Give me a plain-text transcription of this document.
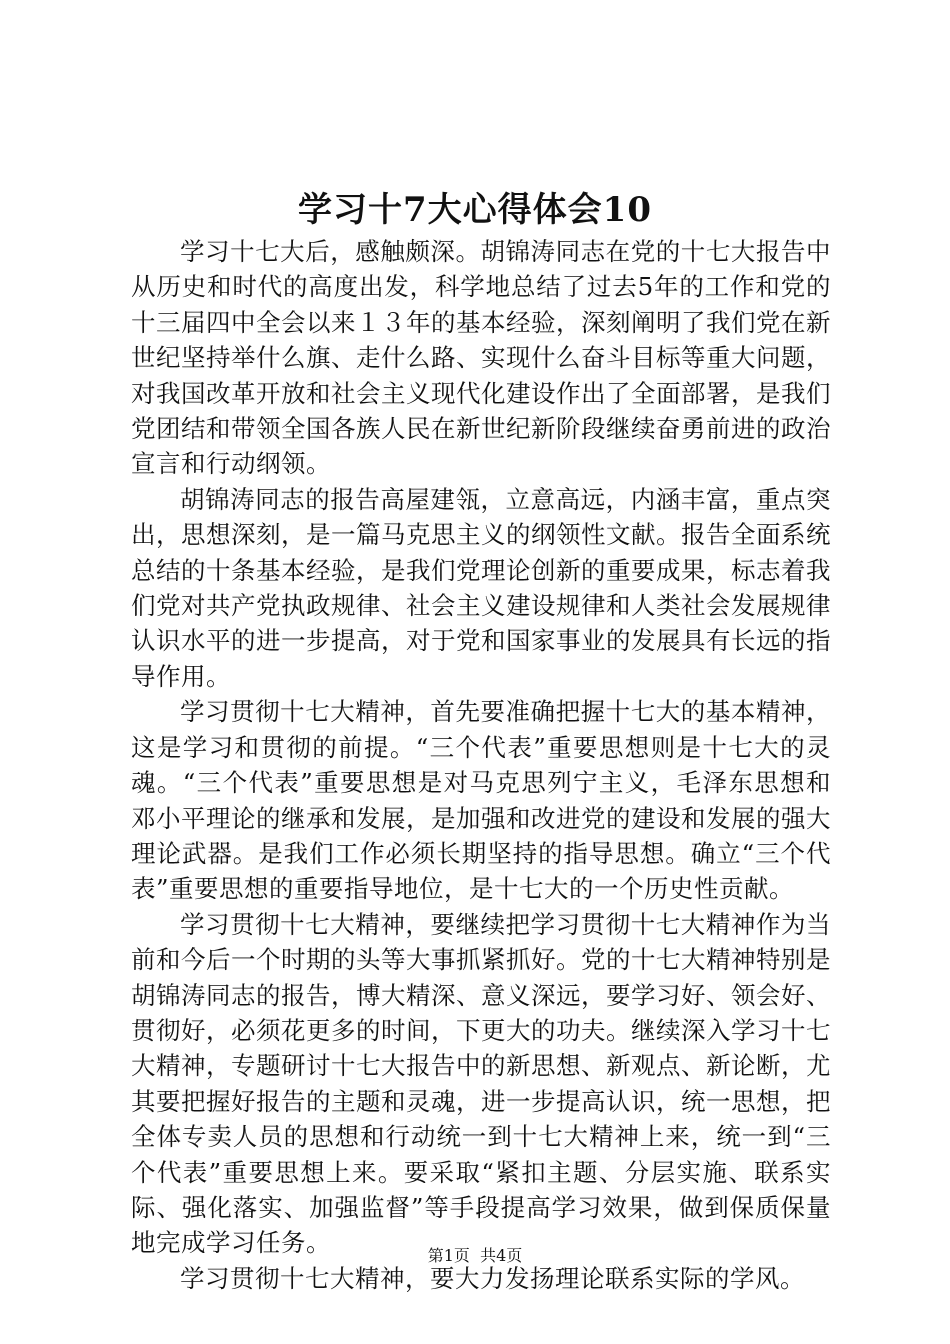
学习十7大心得体会10

学习十七大后，感触颇深。胡锦涛同志在党的十七大报告中从历史和时代的高度出发，科学地总结了过去5年的工作和党的十三届四中全会以来１３年的基本经验，深刻阐明了我们党在新世纪坚持举什么旗、走什么路、实现什么奋斗目标等重大问题，对我国改革开放和社会主义现代化建设作出了全面部署，是我们党团结和带领全国各族人民在新世纪新阶段继续奋勇前进的政治宣言和行动纲领。

胡锦涛同志的报告高屋建瓴，立意高远，内涵丰富，重点突出，思想深刻，是一篇马克思主义的纲领性文献。报告全面系统总结的十条基本经验，是我们党理论创新的重要成果，标志着我们党对共产党执政规律、社会主义建设规律和人类社会发展规律认识水平的进一步提高，对于党和国家事业的发展具有长远的指导作用。

学习贯彻十七大精神，首先要准确把握十七大的基本精神，这是学习和贯彻的前提。“三个代表”重要思想则是十七大的灵魂。“三个代表”重要思想是对马克思列宁主义，毛泽东思想和邓小平理论的继承和发展，是加强和改进党的建设和发展的强大理论武器。是我们工作必须长期坚持的指导思想。确立“三个代表”重要思想的重要指导地位，是十七大的一个历史性贡献。

学习贯彻十七大精神，要继续把学习贯彻十七大精神作为当前和今后一个时期的头等大事抓紧抓好。党的十七大精神特别是胡锦涛同志的报告，博大精深、意义深远，要学习好、领会好、贯彻好，必须花更多的时间，下更大的功夫。继续深入学习十七大精神，专题研讨十七大报告中的新思想、新观点、新论断，尤其要把握好报告的主题和灵魂，进一步提高认识，统一思想，把全体专卖人员的思想和行动统一到十七大精神上来，统一到“三个代表”重要思想上来。要采取“紧扣主题、分层实施、联系实际、强化落实、加强监督”等手段提高学习效果，做到保质保量地完成学习任务。

学习贯彻十七大精神，要大力发扬理论联系实际的学风。

第1页 共4页
